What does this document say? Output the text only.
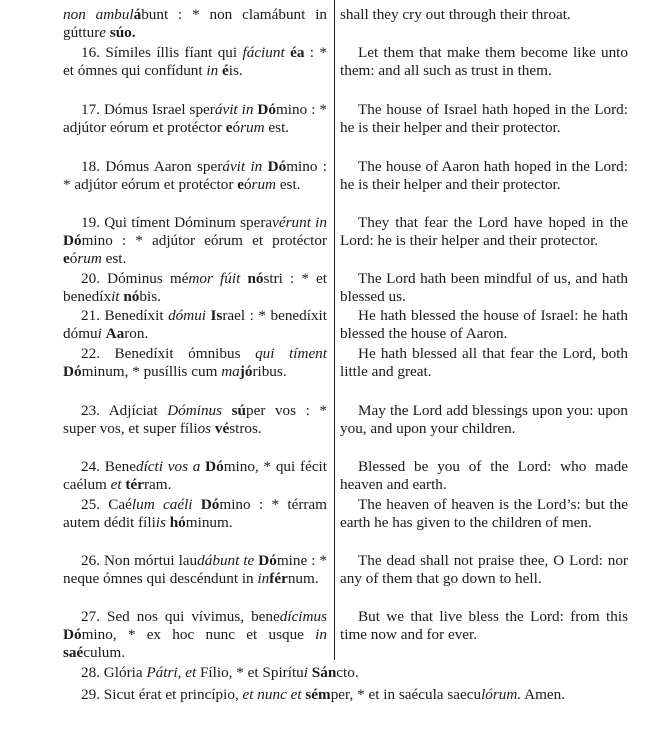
non ambulábunt : * non clamábunt in gútture súo.
shall they cry out through their throat.
16. Símiles íllis fíant qui fáciunt éa : * et ómnes qui confídunt in éis.
Let them that make them become like unto them: and all such as trust in them.
17. Dómus Israel sperávit in Dómino : * adjútor eórum et protéctor eórum est.
The house of Israel hath hoped in the Lord: he is their helper and their protector.
18. Dómus Aaron sperávit in Dómino : * adjútor eórum et protéctor eórum est.
The house of Aaron hath hoped in the Lord: he is their helper and their protector.
19. Qui tíment Dóminum speravérunt in Dómino : * adjútor eórum et protéctor eórum est.
They that fear the Lord have hoped in the Lord: he is their helper and their protector.
20. Dóminus mémor fúit nóstri : * et benedíxit nóbis.
The Lord hath been mindful of us, and hath blessed us.
21. Benedíxit dómui Israel : * benedíxit dómui Aaron.
He hath blessed the house of Israel: he hath blessed the house of Aaron.
22. Benedíxit ómnibus qui tíment Dóminum, * pusíllis cum majóribus.
He hath blessed all that fear the Lord, both little and great.
23. Adjíciat Dóminus súper vos : * super vos, et super fílios véstros.
May the Lord add blessings upon you: upon you, and upon your children.
24. Benedícti vos a Dómino, * qui fécit caélum et térram.
Blessed be you of the Lord: who made heaven and earth.
25. Caélum caéli Dómino : * térram autem dédit fíliis hóminum.
The heaven of heaven is the Lord’s: but the earth he has given to the children of men.
26. Non mórtui laudábunt te Dómine : * neque ómnes qui descéndunt in inférnum.
The dead shall not praise thee, O Lord: nor any of them that go down to hell.
27. Sed nos qui vívimus, benedícimus Dómino, * ex hoc nunc et usque in saéculum.
But we that live bless the Lord: from this time now and for ever.
28. Glória Pátri, et Fílio, * et Spirítui Sáncto.
29. Sicut érat et princípio, et nunc et sémper, * et in saécula saeculórum. Amen.
